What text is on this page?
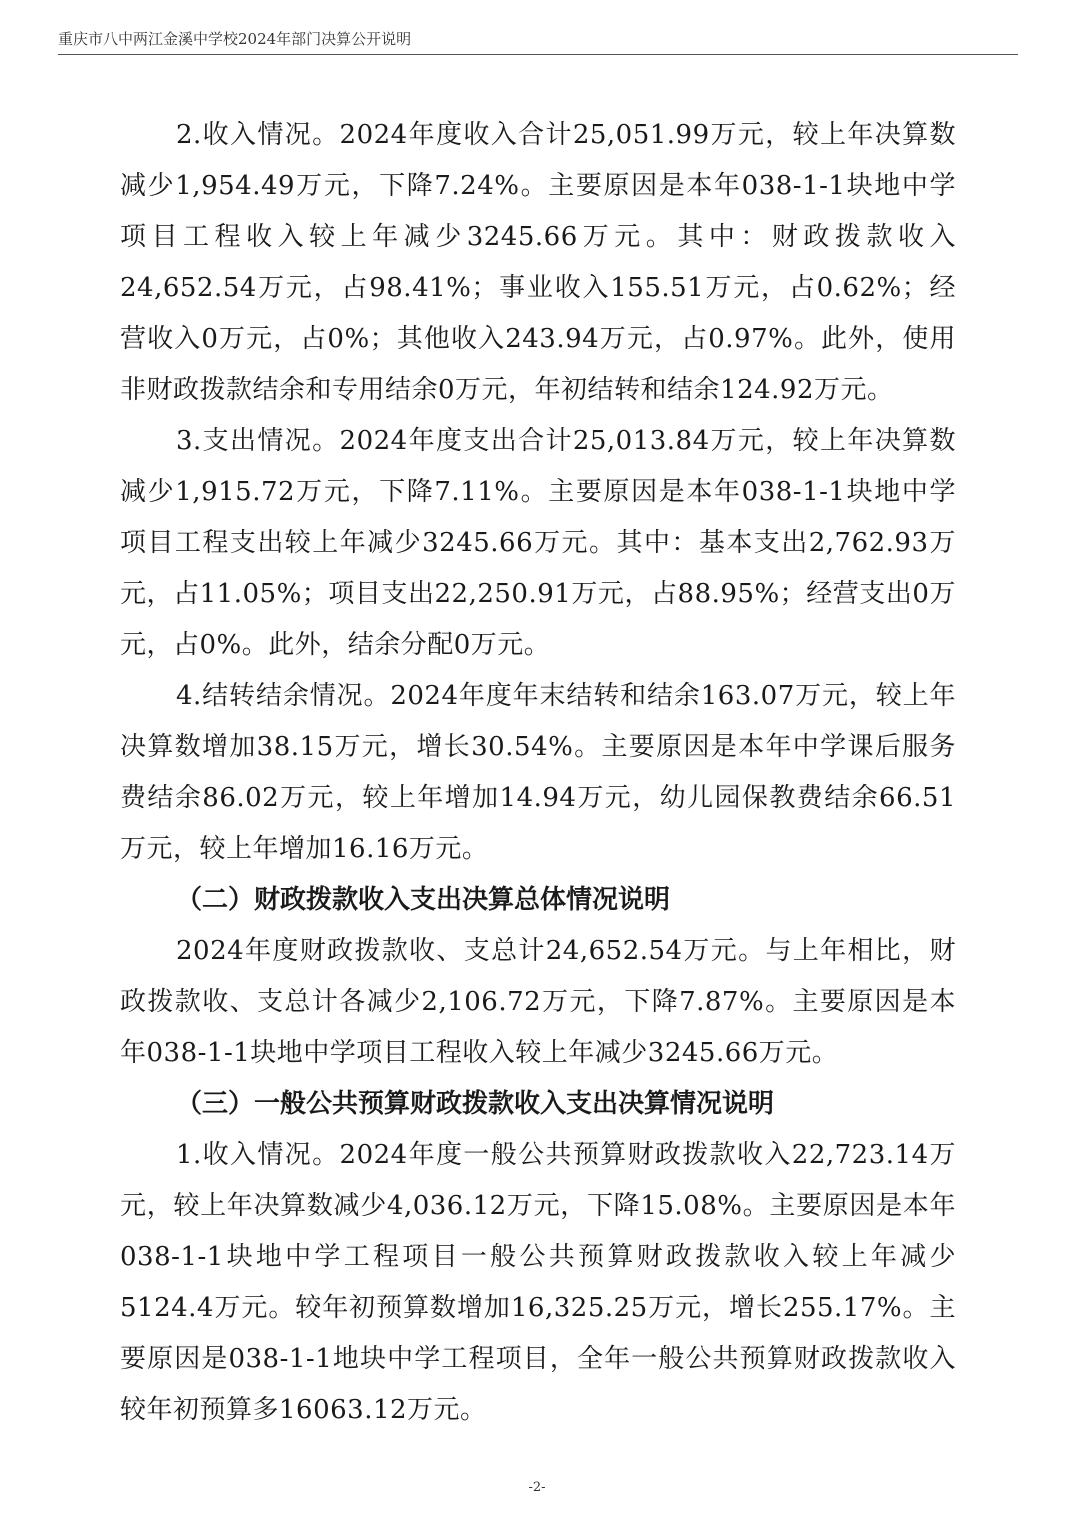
重庆市八中两江金溪中学校2024年部门决算公开说明

2.收入情况。2024年度收入合计25,051.99万元，较上年决算数减少1,954.49万元，下降7.24%。主要原因是本年038-1-1块地中学项目工程收入较上年减少3245.66万元。其中：财政拨款收入24,652.54万元，占98.41%；事业收入155.51万元，占0.62%；经营收入0万元，占0%；其他收入243.94万元，占0.97%。此外，使用非财政拨款结余和专用结余0万元，年初结转和结余124.92万元。

3.支出情况。2024年度支出合计25,013.84万元，较上年决算数减少1,915.72万元，下降7.11%。主要原因是本年038-1-1块地中学项目工程支出较上年减少3245.66万元。其中：基本支出2,762.93万元，占11.05%；项目支出22,250.91万元，占88.95%；经营支出0万元，占0%。此外，结余分配0万元。

4.结转结余情况。2024年度年末结转和结余163.07万元，较上年决算数增加38.15万元，增长30.54%。主要原因是本年中学课后服务费结余86.02万元，较上年增加14.94万元，幼儿园保教费结余66.51万元，较上年增加16.16万元。

（二）财政拨款收入支出决算总体情况说明

2024年度财政拨款收、支总计24,652.54万元。与上年相比，财政拨款收、支总计各减少2,106.72万元，下降7.87%。主要原因是本年038-1-1块地中学项目工程收入较上年减少3245.66万元。

（三）一般公共预算财政拨款收入支出决算情况说明

1.收入情况。2024年度一般公共预算财政拨款收入22,723.14万元，较上年决算数减少4,036.12万元，下降15.08%。主要原因是本年038-1-1块地中学工程项目一般公共预算财政拨款收入较上年减少5124.4万元。较年初预算数增加16,325.25万元，增长255.17%。主要原因是038-1-1地块中学工程项目，全年一般公共预算财政拨款收入较年初预算多16063.12万元。

-2-
